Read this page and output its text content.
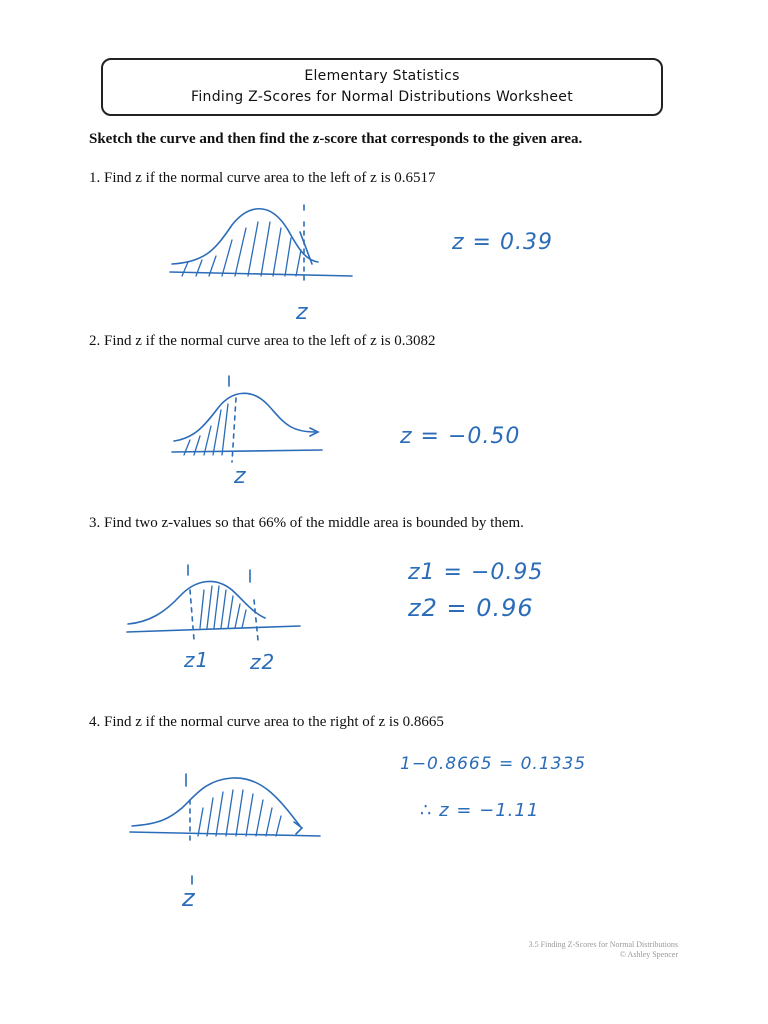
Elementary Statistics
Finding Z-Scores for Normal Distributions Worksheet
Sketch the curve and then find the z-score that corresponds to the given area.
1. Find z if the normal curve area to the left of z is 0.6517
z
z = 0.39
2. Find z if the normal curve area to the left of z is 0.3082
z
z = −0.50
3. Find two z-values so that 66% of the middle area is bounded by them.
z1 z2
z1 = −0.95
z2 = 0.96
4. Find z if the normal curve area to the right of z is 0.8665
z
1−0.8665 = 0.1335
∴ z = −1.11
3.5 Finding Z-Scores for Normal Distributions
© Ashley Spencer
